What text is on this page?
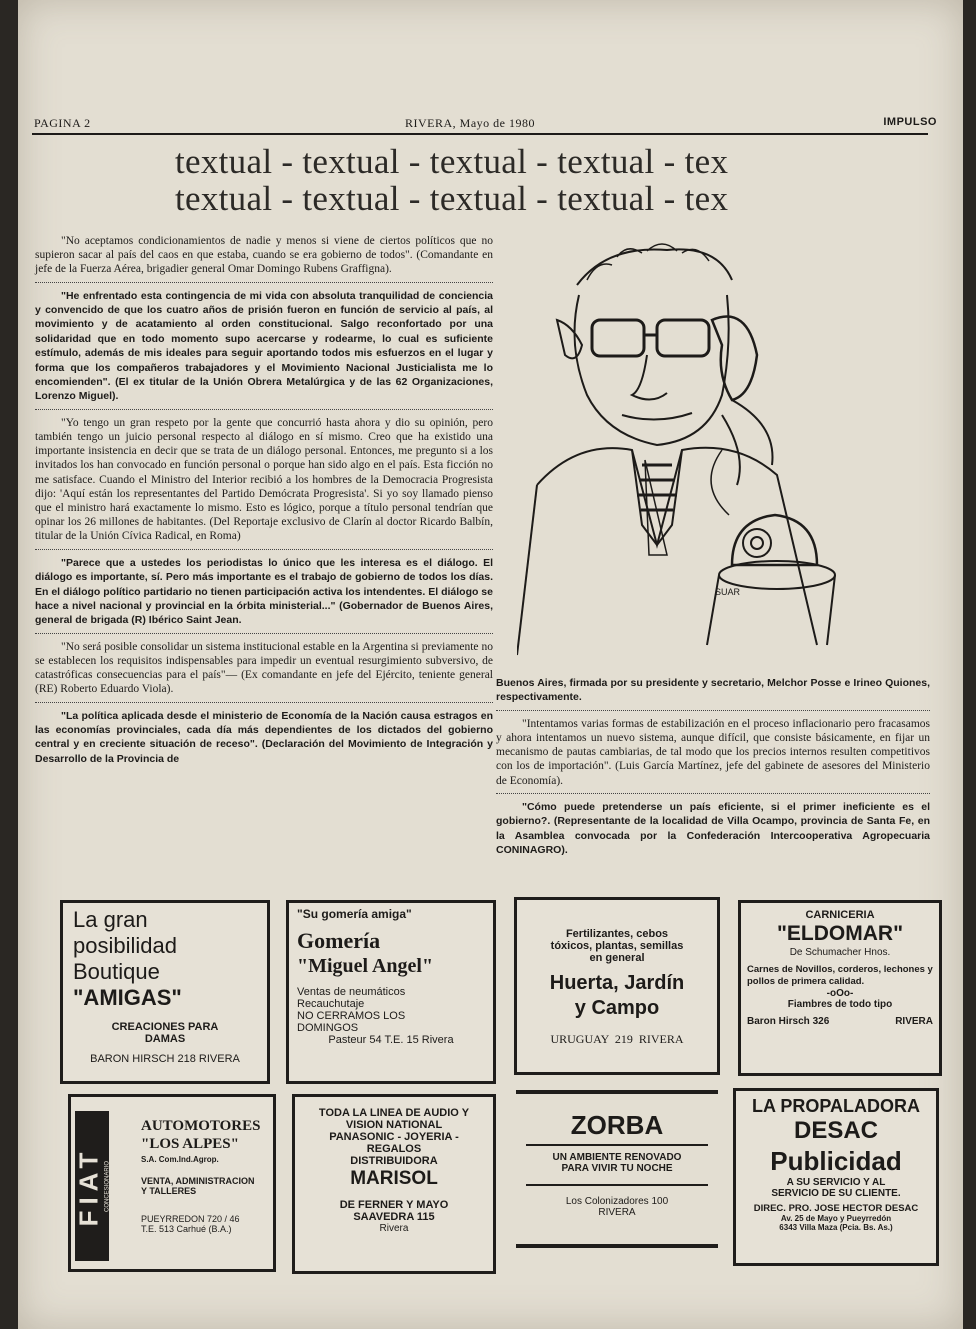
PAGINA 2	RIVERA, Mayo de 1980	IMPULSO
textual - textual - textual - textual - tex
textual - textual - textual - textual - tex

"No aceptamos condicionamientos de nadie y menos si viene de ciertos políticos que no supieron sacar al país del caos en que estaba, cuando se era gobierno de todos". (Comandante en jefe de la Fuerza Aérea, brigadier general Omar Domingo Rubens Graffigna).

"He enfrentado esta contingencia de mi vida con absoluta tranquilidad de conciencia y convencido de que los cuatro años de prisión fueron en función de servicio al país, al movimiento y de acatamiento al orden constitucional. Salgo reconfortado por una solidaridad que en todo momento supo acercarse y rodearme, lo cual es suficiente estímulo, además de mis ideales para seguir aportando todos mis esfuerzos en el lugar y forma que los compañeros trabajadores y el Movimiento Nacional Justicialista me lo encomienden". (El ex titular de la Unión Obrera Metalúrgica y de las 62 Organizaciones, Lorenzo Miguel).

"Yo tengo un gran respeto por la gente que concurrió hasta ahora y dio su opinión, pero también tengo un juicio personal respecto al diálogo en sí mismo. Creo que ha existido una importante insistencia en decir que se trata de un diálogo personal. Entonces, me pregunto si a los invitados los han convocado en función personal o porque han sido algo en el país. Esta ficción no me satisface. Cuando el Ministro del Interior recibió a los hombres de la Democracia Progresista dijo: 'Aquí están los representantes del Partido Demócrata Progresista'. Si yo soy llamado pienso que el ministro hará exactamente lo mismo. Esto es lógico, porque a título personal tendrían que opinar los 26 millones de habitantes. (Del Reportaje exclusivo de Clarín al doctor Ricardo Balbín, titular de la Unión Cívica Radical, en Roma)

"Parece que a ustedes los periodistas lo único que les interesa es el diálogo. El diálogo es importante, sí. Pero más importante es el trabajo de gobierno de todos los días. En el diálogo político partidario no tienen participación activa los intendentes. El diálogo se hace a nivel nacional y provincial en la órbita ministerial..." (Gobernador de Buenos Aires, general de brigada (R) Ibérico Saint Jean.

"No será posible consolidar un sistema institucional estable en la Argentina si previamente no se establecen los requisitos indispensables para impedir un eventual resurgimiento subversivo, de catastróficas consecuencias para el país"— (Ex comandante en jefe del Ejército, teniente general (RE) Roberto Eduardo Viola).

"La política aplicada desde el ministerio de Economía de la Nación causa estragos en las economías provinciales, cada día más dependientes de los dictados del gobierno central y en creciente situación de receso". (Declaración del Movimiento de Integración y Desarrollo de la Provincia de

SUAR

Buenos Aires, firmada por su presidente y secretario, Melchor Posse e Irineo Quiones, respectivamente.

"Intentamos varias formas de estabilización en el proceso inflacionario pero fracasamos y ahora intentamos un nuevo sistema, aunque difícil, que consiste básicamente, en fijar un mecanismo de pautas cambiarias, de tal modo que los precios internos resulten competitivos con los de importación". (Luis García Martínez, jefe del gabinete de asesores del Ministerio de Economía).

"Cómo puede pretenderse un país eficiente, si el primer ineficiente es el gobierno?. (Representante de la localidad de Villa Ocampo, provincia de Santa Fe, en la Asamblea convocada por la Confederación Intercooperativa Agropecuaria CONINAGRO).

La gran
posibilidad
Boutique
"AMIGAS"
CREACIONES PARA
DAMAS
BARON HIRSCH 218 RIVERA
"Su gomería amiga"
Gomería
"Miguel Angel"
Ventas de neumáticos
Recauchutaje
NO CERRAMOS LOS
DOMINGOS
Pasteur 54 T.E. 15 Rivera
Fertilizantes, cebos
tóxicos, plantas, semillas
en general
Huerta, Jardín
y Campo
URUGUAY  219  RIVERA
CARNICERIA
"ELDOMAR"
De Schumacher Hnos.
Carnes de Novillos, corderos, lechones y pollos de primera calidad.
-oOo-
Fiambres de todo tipo
Baron Hirsch 326	RIVERA
FIAT CONCESIONARIO
AUTOMOTORES
"LOS ALPES"
S.A. Com.Ind.Agrop.
VENTA, ADMINISTRACION
Y TALLERES
PUEYRREDON 720 / 46
T.E. 513 Carhué (B.A.)
TODA LA LINEA DE AUDIO Y
VISION NATIONAL
PANASONIC - JOYERIA -
REGALOS
DISTRIBUIDORA
MARISOL
DE FERNER Y MAYO
SAAVEDRA 115
Rivera
ZORBA
UN AMBIENTE RENOVADO
PARA VIVIR TU NOCHE
Los Colonizadores 100
RIVERA
LA PROPALADORA
DESAC
Publicidad
A SU SERVICIO Y AL
SERVICIO DE SU CLIENTE.
DIREC. PRO. JOSE HECTOR DESAC
Av. 25 de Mayo y Pueyrredón
6343 Villa Maza (Pcia. Bs. As.)
